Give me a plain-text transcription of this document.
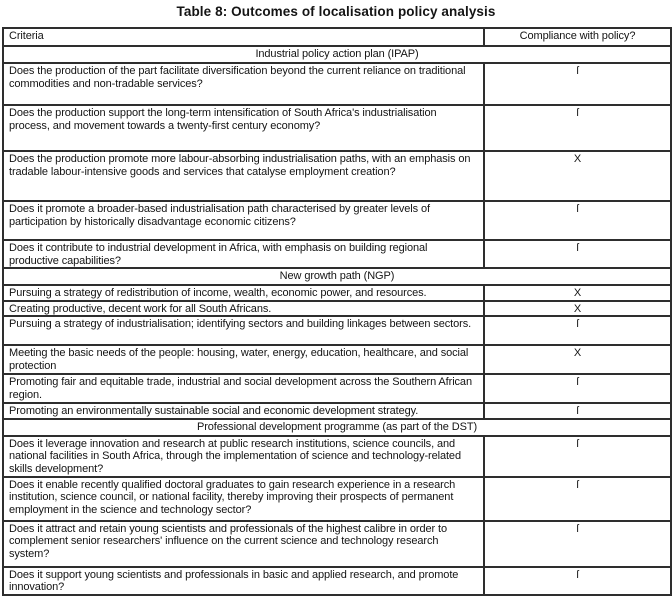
Table 8: Outcomes of localisation policy analysis
Criteria	Compliance with policy?
Industrial policy action plan (IPAP)	
Does the production of the part facilitate diversification beyond the current reliance on traditional commodities and non-tradable services?	ſ
Does the production support the long-term intensification of South Africa's industrialisation process, and movement towards a twenty-first century economy?	ſ
Does the production promote more labour-absorbing industrialisation paths, with an emphasis on tradable labour-intensive goods and services that catalyse employment creation?	X
Does it promote a broader-based industrialisation path characterised by greater levels of participation by historically disadvantage economic citizens?	ſ
Does it contribute to industrial development in Africa, with emphasis on building regional productive capabilities?	ſ
New growth path (NGP)	
Pursuing a strategy of redistribution of income, wealth, economic power, and resources.	X
Creating productive, decent work for all South Africans.	X
Pursuing a strategy of industrialisation; identifying sectors and building linkages between sectors.	ſ
Meeting the basic needs of the people: housing, water, energy, education, healthcare, and social protection	X
Promoting fair and equitable trade, industrial and social development across the Southern African region.	ſ
Promoting an environmentally sustainable social and economic development strategy.	ſ
Professional development programme (as part of the DST)	
Does it leverage innovation and research at public research institutions, science councils, and national facilities in South Africa, through the implementation of science and technology-related skills development?	ſ
Does it enable recently qualified doctoral graduates to gain research experience in a research institution, science council, or national facility, thereby improving their prospects of permanent employment in the science and technology sector?	ſ
Does it attract and retain young scientists and professionals of the highest calibre in order to complement senior researchers' influence on the current science and technology research system?	ſ
Does it support young scientists and professionals in basic and applied research, and promote innovation?	ſ
